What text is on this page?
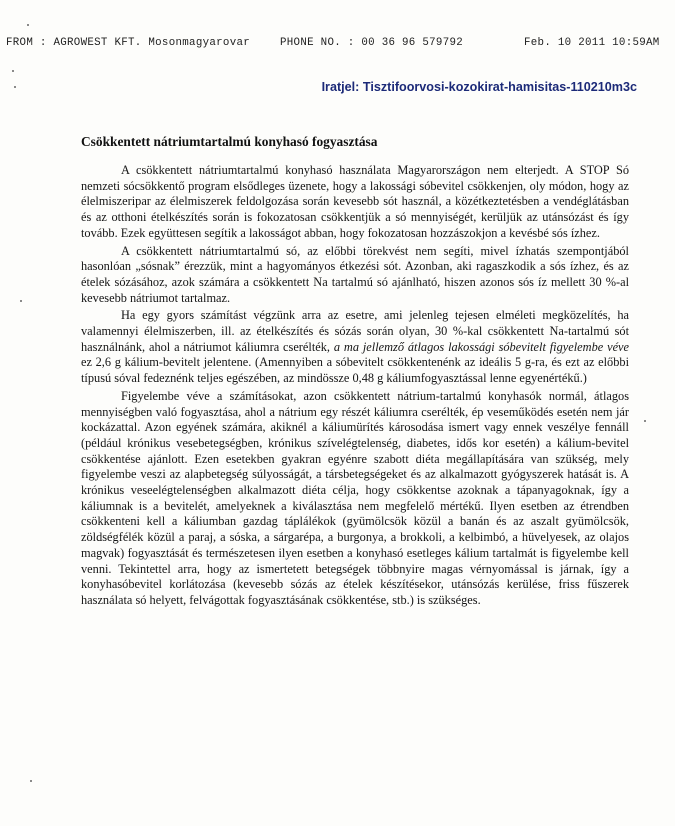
FROM : AGROWEST KFT. Mosonmagyarovar	PHONE NO. : 00 36 96 579792	Feb. 10 2011 10:59AM
Iratjel: Tisztifoorvosi-kozokirat-hamisitas-110210m3c
Csökkentett nátriumtartalmú konyhasó fogyasztása

A csökkentett nátriumtartalmú konyhasó használata Magyarországon nem elterjedt. A STOP Só nemzeti sócsökkentő program elsődleges üzenete, hogy a lakossági sóbevitel csökkenjen, oly módon, hogy az élelmiszeripar az élelmiszerek feldolgozása során kevesebb sót használ, a közétkeztetésben a vendéglátásban és az otthoni ételkészítés során is fokozatosan csökkentjük a só mennyiségét, kerüljük az utánsózást és így tovább. Ezek együttesen segítik a lakosságot abban, hogy fokozatosan hozzászokjon a kevésbé sós ízhez.

A csökkentett nátriumtartalmú só, az előbbi törekvést nem segíti, mivel ízhatás szempontjából hasonlóan „sósnak” érezzük, mint a hagyományos étkezési sót. Azonban, aki ragaszkodik a sós ízhez, és az ételek sózásához, azok számára a csökkentett Na tartalmú só ajánlható, hiszen azonos sós íz mellett 30 %-al kevesebb nátriumot tartalmaz.

Ha egy gyors számítást végzünk arra az esetre, ami jelenleg tejesen elméleti megközelítés, ha valamennyi élelmiszerben, ill. az ételkészítés és sózás során olyan, 30 %-kal csökkentett Na-tartalmú sót használnánk, ahol a nátriumot káliumra cserélték, a ma jellemző átlagos lakossági sóbevitelt figyelembe véve ez 2,6 g kálium-bevitelt jelentene. (Amennyiben a sóbevitelt csökkentenénk az ideális 5 g-ra, és ezt az előbbi típusú sóval fedeznénk teljes egészében, az mindössze 0,48 g káliumfogyasztással lenne egyenértékű.)

Figyelembe véve a számításokat, azon csökkentett nátrium-tartalmú konyhasók normál, átlagos mennyiségben való fogyasztása, ahol a nátrium egy részét káliumra cserélték, ép veseműködés esetén nem jár kockázattal. Azon egyének számára, akiknél a káliumürítés károsodása ismert vagy ennek veszélye fennáll (például krónikus vesebetegségben, krónikus szívelégtelenség, diabetes, idős kor esetén) a kálium-bevitel csökkentése ajánlott. Ezen esetekben gyakran egyénre szabott diéta megállapítására van szükség, mely figyelembe veszi az alapbetegség súlyosságát, a társbetegségeket és az alkalmazott gyógyszerek hatását is. A krónikus veseelégtelenségben alkalmazott diéta célja, hogy csökkentse azoknak a tápanyagoknak, így a káliumnak is a bevitelét, amelyeknek a kiválasztása nem megfelelő mértékű. Ilyen esetben az étrendben csökkenteni kell a káliumban gazdag táplálékok (gyümölcsök közül a banán és az aszalt gyümölcsök, zöldségfélék közül a paraj, a sóska, a sárgarépa, a burgonya, a brokkoli, a kelbimbó, a hüvelyesek, az olajos magvak) fogyasztását és természetesen ilyen esetben a konyhasó esetleges kálium tartalmát is figyelembe kell venni. Tekintettel arra, hogy az ismertetett betegségek többnyire magas vérnyomással is járnak, így a konyhasóbevitel korlátozása (kevesebb sózás az ételek készítésekor, utánsózás kerülése, friss fűszerek használata só helyett, felvágottak fogyasztásának csökkentése, stb.) is szükséges.
